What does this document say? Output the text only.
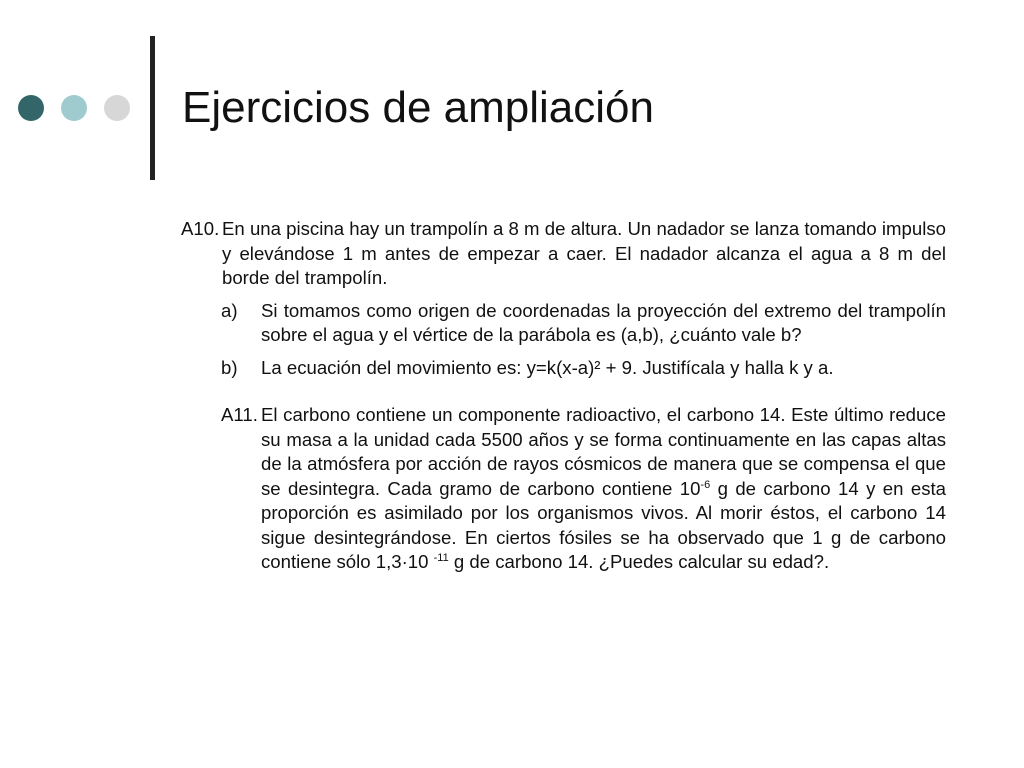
Ejercicios de ampliación
A10. En una piscina hay un trampolín a 8 m de altura. Un nadador se lanza tomando impulso y elevándose 1 m antes de empezar a caer. El nadador alcanza el agua a 8 m del borde del trampolín.
a)	Si tomamos como origen de coordenadas la proyección del extremo del trampolín sobre el agua y el vértice de la parábola es (a,b), ¿cuánto vale b?
b)	La ecuación del movimiento es: y=k(x-a)² + 9. Justifícala y halla k y a.
A11. El carbono contiene un componente radioactivo, el carbono 14. Este último reduce su masa a la unidad cada 5500 años y se forma continuamente en las capas altas de la atmósfera por acción de rayos cósmicos de manera que se compensa el que se desintegra. Cada gramo de carbono contiene $10^{-6}$ g de carbono 14 y en esta proporción es asimilado por los organismos vivos. Al morir éstos, el carbono 14 sigue desintegrándose. En ciertos fósiles se ha observado que 1 g de carbono contiene sólo 1,3·10 $^{-11}$ g de carbono 14. ¿Puedes calcular su edad?.
